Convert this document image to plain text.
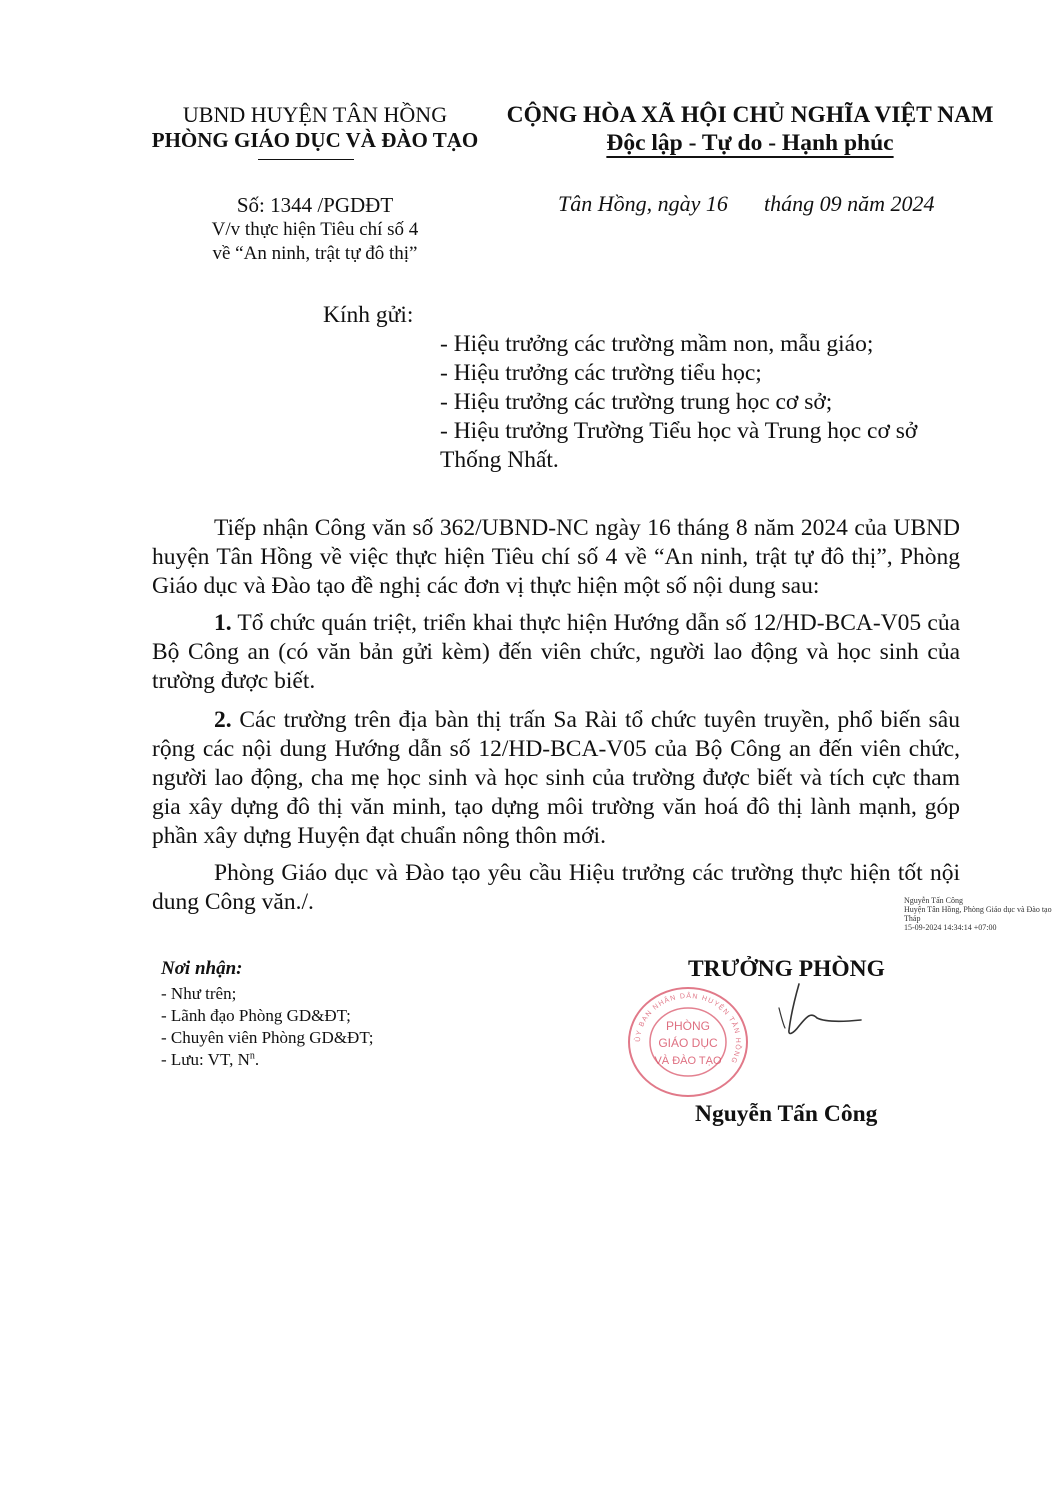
UBND HUYỆN TÂN HỒNG
PHÒNG GIÁO DỤC VÀ ĐÀO TẠO
CỘNG HÒA XÃ HỘI CHỦ NGHĨA VIỆT NAM
Độc lập - Tự do - Hạnh phúc
Số: 1344 /PGDĐT
V/v thực hiện Tiêu chí số 4
về “An ninh, trật tự đô thị”
Tân Hồng, ngày 16 tháng 09 năm 2024
Kính gửi:
- Hiệu trưởng các trường mầm non, mẫu giáo;
- Hiệu trưởng các trường tiểu học;
- Hiệu trưởng các trường trung học cơ sở;
- Hiệu trưởng Trường Tiểu học và Trung học cơ sở
Thống Nhất.
Tiếp nhận Công văn số 362/UBND-NC ngày 16 tháng 8 năm 2024 của UBND huyện Tân Hồng về việc thực hiện Tiêu chí số 4 về “An ninh, trật tự đô thị”, Phòng Giáo dục và Đào tạo đề nghị các đơn vị thực hiện một số nội dung sau:
1. Tổ chức quán triệt, triển khai thực hiện Hướng dẫn số 12/HD-BCA-V05 của Bộ Công an (có văn bản gửi kèm) đến viên chức, người lao động và học sinh của trường được biết.
2. Các trường trên địa bàn thị trấn Sa Rài tổ chức tuyên truyền, phổ biến sâu rộng các nội dung Hướng dẫn số 12/HD-BCA-V05 của Bộ Công an đến viên chức, người lao động, cha mẹ học sinh và học sinh của trường được biết và tích cực tham gia xây dựng đô thị văn minh, tạo dựng môi trường văn hoá đô thị lành mạnh, góp phần xây dựng Huyện đạt chuẩn nông thôn mới.
Phòng Giáo dục và Đào tạo yêu cầu Hiệu trưởng các trường thực hiện tốt nội dung Công văn./.	Nguyễn Tấn Công
Huyện Tân Hồng, Phòng Giáo dục và Đào tạo
Tháp
15-09-2024 14:34:14 +07:00
Nơi nhận:
- Như trên;
- Lãnh đạo Phòng GD&ĐT;
- Chuyên viên Phòng GD&ĐT;
- Lưu: VT, $N^n$.
TRƯỞNG PHÒNG
ỦY BAN NHÂN DÂN HUYỆN TÂN HỒNG
PHÒNG
GIÁO DỤC
VÀ ĐÀO TẠO
Nguyễn Tấn Công
